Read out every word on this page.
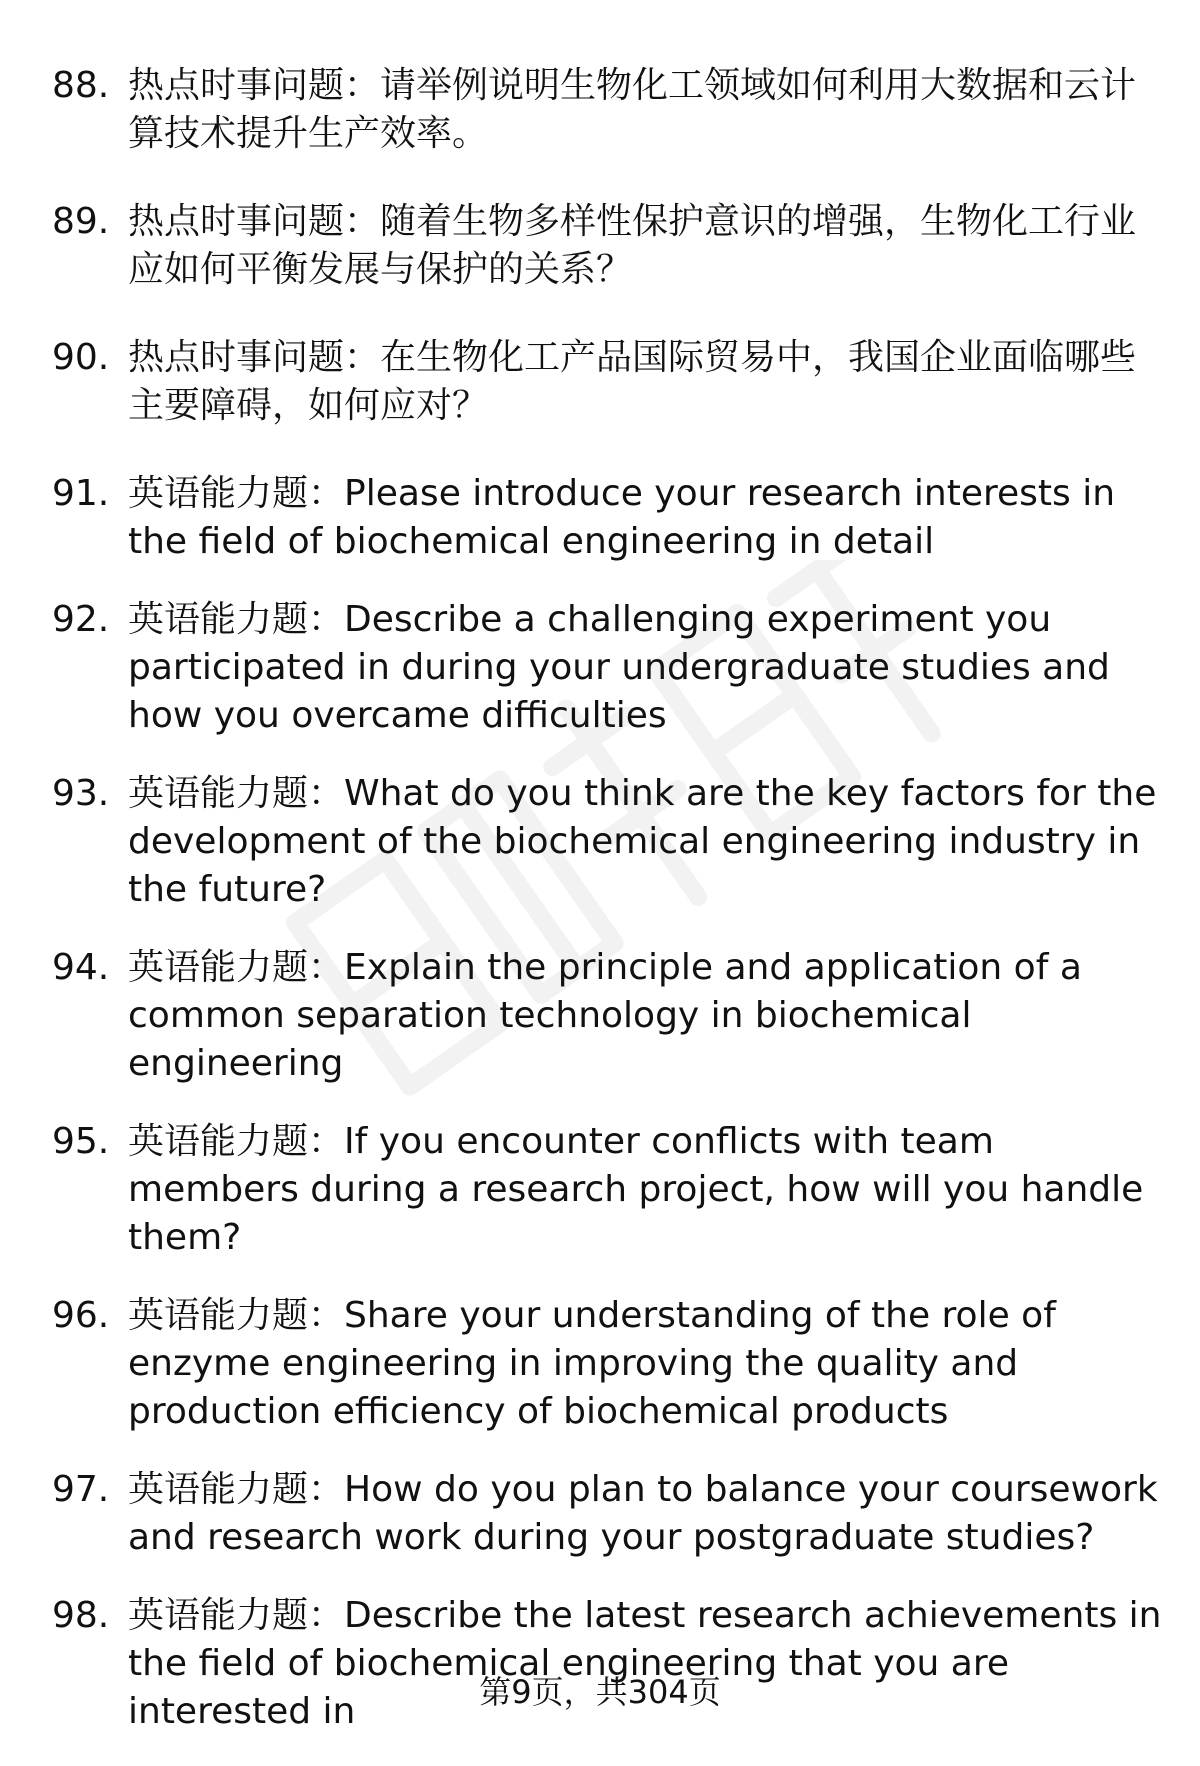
88. 热点时事问题：请举例说明生物化工领域如何利用大数据和云计算技术提升生产效率。
89. 热点时事问题：随着生物多样性保护意识的增强，生物化工行业应如何平衡发展与保护的关系？
90. 热点时事问题：在生物化工产品国际贸易中，我国企业面临哪些主要障碍，如何应对？
91. 英语能力题：Please introduce your research interests in the field of biochemical engineering in detail
92. 英语能力题：Describe a challenging experiment you participated in during your undergraduate studies and how you overcame difficulties
93. 英语能力题：What do you think are the key factors for the development of the biochemical engineering industry in the future?
94. 英语能力题：Explain the principle and application of a common separation technology in biochemical engineering
95. 英语能力题：If you encounter conflicts with team members during a research project, how will you handle them?
96. 英语能力题：Share your understanding of the role of enzyme engineering in improving the quality and production efficiency of biochemical products
97. 英语能力题：How do you plan to balance your coursework and research work during your postgraduate studies?
98. 英语能力题：Describe the latest research achievements in the field of biochemical engineering that you are interested in	第9页，共304页
